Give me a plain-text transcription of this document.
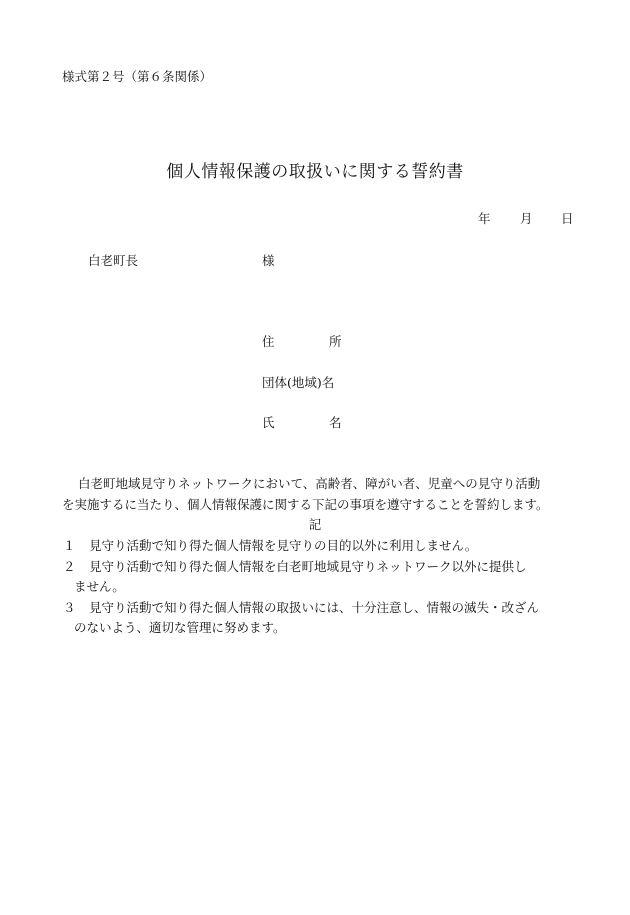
様式第２号（第６条関係）
個人情報保護の取扱いに関する誓約書
年 月 日
白老町長	様
住	所
団体(地域)名
氏	名
白老町地域見守りネットワークにおいて、高齢者、障がい者、児童への見守り活動
を実施するに当たり、個人情報保護に関する下記の事項を遵守することを誓約します。
記
１ 見守り活動で知り得た個人情報を見守りの目的以外に利用しません。
２ 見守り活動で知り得た個人情報を白老町地域見守りネットワーク以外に提供し
ません。
３ 見守り活動で知り得た個人情報の取扱いには、十分注意し、情報の滅失・改ざん
のないよう、適切な管理に努めます。
